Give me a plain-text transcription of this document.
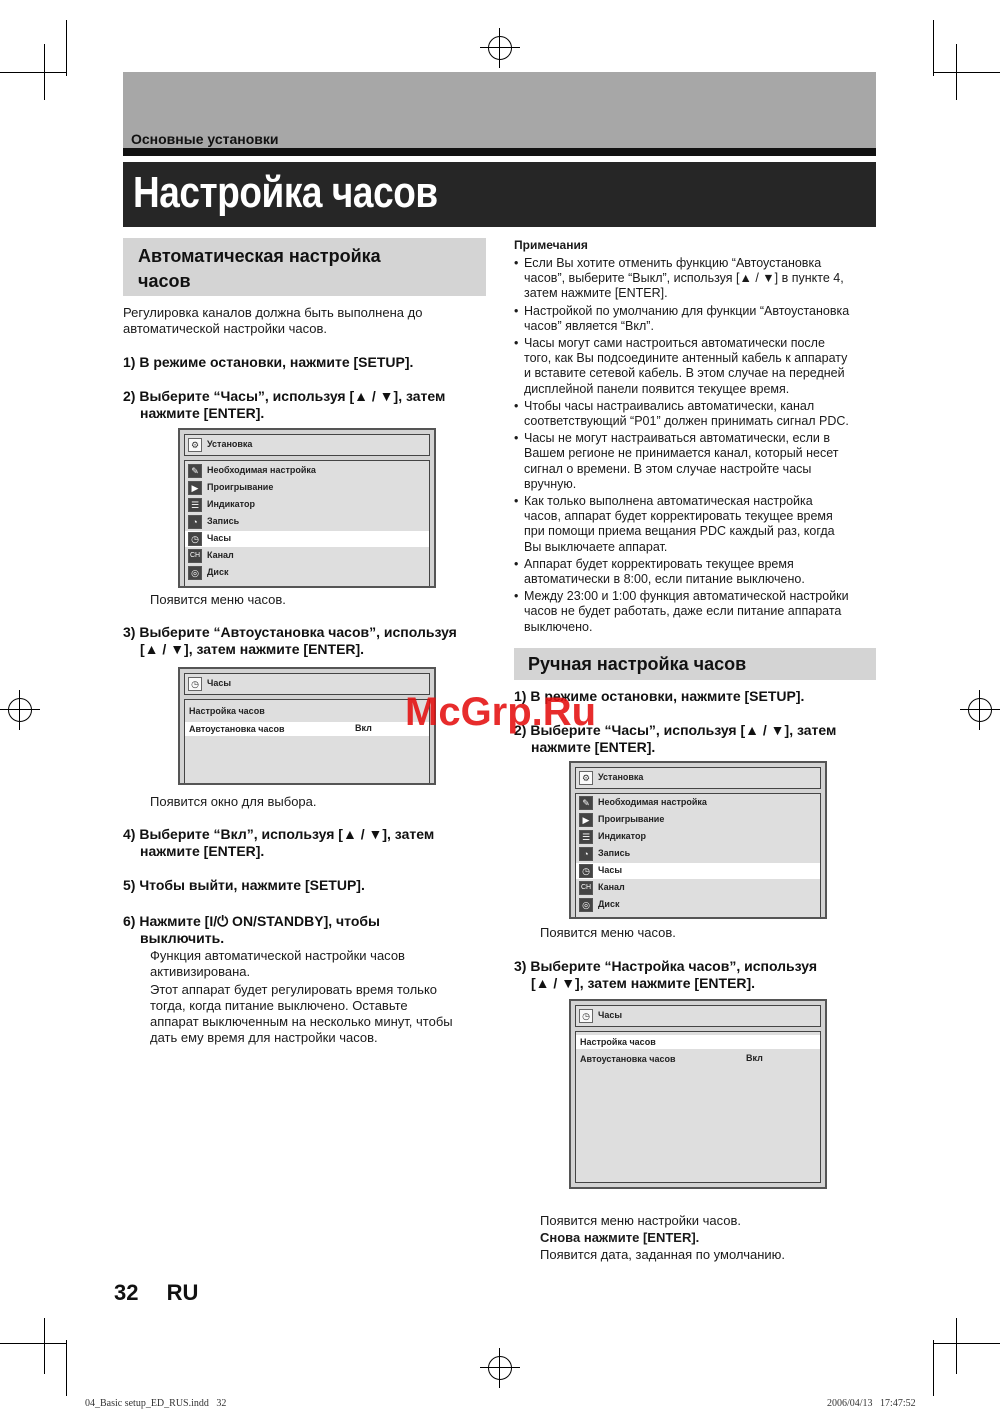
Основные установки
Настройка часов
Автоматическая настройка
часов
Регулировка каналов должна быть выполнена до
автоматической настройки часов.
1) В режиме остановки, нажмите [SETUP].
2) Выберите “Часы”, используя [▲ / ▼], затем
нажмите [ENTER].
⚙ Установка
✎ Необходимая настройка
▶ Проигрывание
☰ Индикатор
◔	Запись
◷ Часы
CH Канал
◎ Диск
Появится меню часов.
3) Выберите “Автоустановка часов”, используя
[▲ / ▼], затем нажмите [ENTER].
◷ Часы
Настройка часов
Автоустановка часов	Вкл
Появится окно для выбора.
4) Выберите “Вкл”, используя [▲ / ▼], затем
нажмите [ENTER].
5) Чтобы выйти, нажмите [SETUP].
6) Нажмите [I/⏻ ON/STANDBY], чтобы
выключить.
Функция автоматической настройки часов
активизирована.
Этот аппарат будет регулировать время только
тогда, когда питание выключено. Оставьте
аппарат выключенным на несколько минут, чтобы
дать ему время для настройки часов.
Примечания
• Если Вы хотите отменить функцию “Автоустановка
часов”, выберите “Выкл”, используя [▲ / ▼] в пункте 4,
затем нажмите [ENTER].
• Настройкой по умолчанию для функции “Автоустановка
часов” является “Вкл”.
• Часы могут сами настроиться автоматически после
того, как Вы подсоедините антенный кабель к аппарату
и вставите сетевой кабель. В этом случае на передней
дисплейной панели появится текущее время.
• Чтобы часы настраивались автоматически, канал
соответствующий “P01” должен принимать сигнал PDC.
• Часы не могут настраиваться автоматически, если в
Вашем регионе не принимается канал, который несет
сигнал о времени. В этом случае настройте часы
вручную.
• Как только выполнена автоматическая настройка
часов, аппарат будет корректировать текущее время
при помощи приема вещания PDC каждый раз, когда
Вы выключаете аппарат.
• Аппарат будет корректировать текущее время
автоматически в 8:00, если питание выключено.
• Между 23:00 и 1:00 функция автоматической настройки
часов не будет работать, даже если питание аппарата
выключено.
Ручная настройка часов
1) В режиме остановки, нажмите [SETUP].
2) Выберите “Часы”, используя [▲ / ▼], затем
нажмите [ENTER].
⚙ Установка
✎ Необходимая настройка
▶ Проигрывание
☰ Индикатор
◔	Запись
◷ Часы
CH Канал
◎ Диск
Появится меню часов.
3) Выберите “Настройка часов”, используя
[▲ / ▼], затем нажмите [ENTER].
◷ Часы
Настройка часов
Автоустановка часов	Вкл
Появится меню настройки часов.
Снова нажмите [ENTER].
Появится дата, заданная по умолчанию.
32 RU
04_Basic setup_ED_RUS.indd   32	2006/04/13   17:47:52
McGrp.Ru
